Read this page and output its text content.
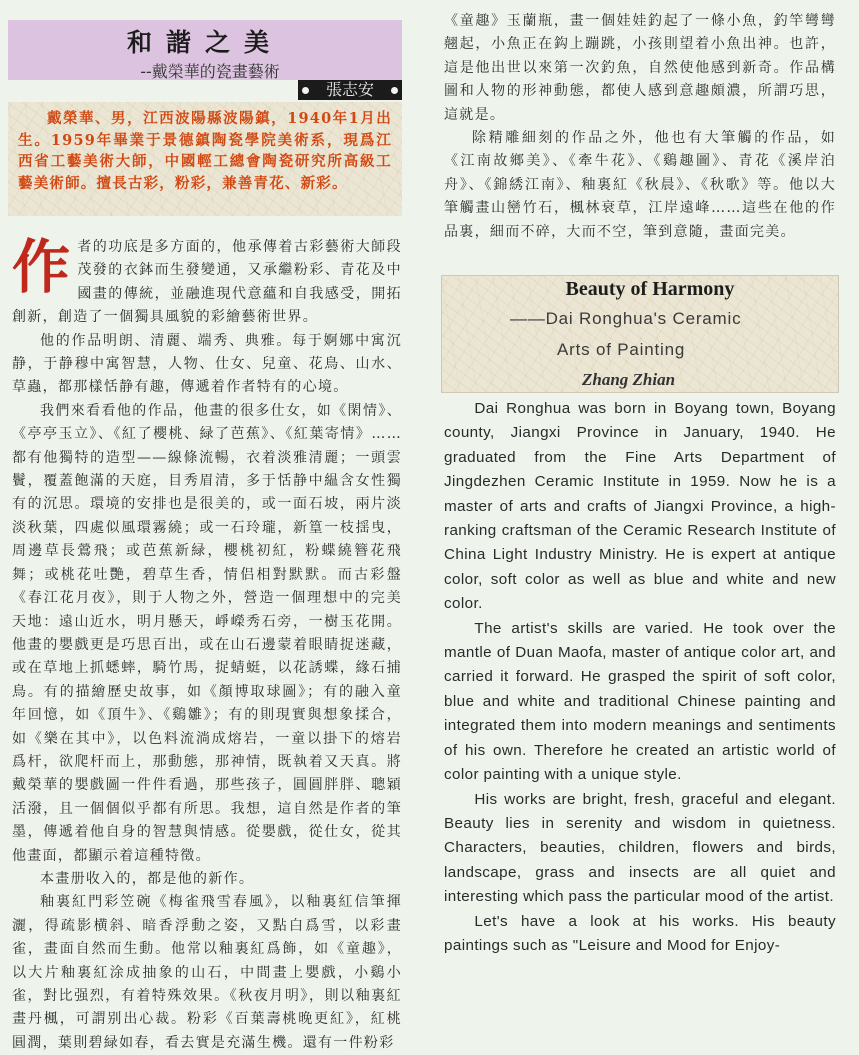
和諧之美
--戴榮華的瓷畫藝術
張志安
戴榮華、男，江西波陽縣波陽鎮，1940年1月出生。1959年畢業于景德鎮陶瓷學院美術系，現爲江西省工藝美術大師，中國輕工總會陶瓷研究所高級工藝美術師。擅長古彩，粉彩，兼善青花、新彩。

作者的功底是多方面的，他承傳着古彩藝術大師段茂發的衣鉢而生發變通，又承繼粉彩、青花及中國畫的傳統，並融進現代意蘊和自我感受，開拓創新，創造了一個獨具風貌的彩繪藝術世界。

他的作品明朗、清麗、端秀、典雅。每于婀娜中寓沉静，于静穆中寓智慧，人物、仕女、兒童、花鳥、山水、草蟲，都那樣恬静有趣，傳遞着作者特有的心境。

我們來看看他的作品，他畫的很多仕女，如《閑情》、《亭亭玉立》、《紅了櫻桃、緑了芭蕉》、《紅葉寄情》……都有他獨特的造型——線條流暢，衣着淡雅清麗；一頭雲鬢，覆蓋飽滿的天庭，目秀眉清，多于恬静中緼含女性獨有的沉思。環境的安排也是很美的，或一面石坡，兩片淡淡秋葉，四處似風環霧繞；或一石玲瓏，新篁一枝揺曳，周邊草長鶯飛；或芭蕉新緑，櫻桃初紅，粉蝶繞簪花飛舞；或桃花吐艷，碧草生香，情侣相對默默。而古彩盤《春江花月夜》，則于人物之外，營造一個理想中的完美天地：遠山近水，明月懸天，崢嶸秀石旁，一樹玉花開。他畫的嬰戲更是巧思百出，或在山石邊蒙着眼睛捉迷藏，或在草地上抓蟋蟀，騎竹馬，捉蜻蜓，以花誘蝶，緣石捕鳥。有的描繪歷史故事，如《顏博取球圖》；有的融入童年回憶，如《頂牛》、《鷄雛》；有的則現實與想象揉合，如《樂在其中》，以色料流淌成熔岩，一童以掛下的熔岩爲杆，欲爬杆而上，那動態，那神情，既執着又天真。將戴榮華的嬰戲圖一件件看過，那些孩子，圓圓胖胖、聰穎活潑，且一個個似乎都有所思。我想，這自然是作者的筆墨，傳遞着他自身的智慧與情感。從嬰戲，從仕女，從其他畫面，都顯示着這種特徵。

本畫册收入的，都是他的新作。

釉裏紅門彩笠碗《梅雀飛雪春風》，以釉裏紅信筆揮灑，得疏影横斜、暗香浮動之姿，又點白爲雪，以彩畫雀，畫面自然而生動。他常以釉裏紅爲飾，如《童趣》，以大片釉裏紅涂成抽象的山石，中間畫上嬰戲，小鷄小雀，對比强烈，有着特殊效果。《秋夜月明》，則以釉裏紅畫丹楓，可謂别出心裁。粉彩《百葉壽桃晚更紅》，紅桃圓潤，葉則碧緑如春，看去實是充滿生機。還有一件粉彩

《童趣》玉蘭瓶，畫一個娃娃釣起了一條小魚，釣竿彎彎翹起，小魚正在鈎上蹦跳，小孩則望着小魚出神。也許，這是他出世以來第一次釣魚，自然使他感到新奇。作品構圖和人物的形神動態，都使人感到意趣頗濃，所謂巧思，這就是。

除精雕細刻的作品之外，他也有大筆觸的作品，如《江南故鄉美》、《牽牛花》、《鷄趣圖》、青花《溪岸泊舟》、《錦綉江南》、釉裏紅《秋晨》、《秋歌》等。他以大筆觸畫山巒竹石，楓林衰草，江岸遠峰……這些在他的作品裏，細而不碎，大而不空，筆到意隨，畫面完美。

Beauty of Harmony
——Dai Ronghua's Ceramic
Arts of Painting
Zhang Zhian

Dai Ronghua was born in Boyang town, Boyang county, Jiangxi Province in January, 1940. He graduated from the Fine Arts Department of Jingdezhen Ceramic Institute in 1959. Now he is a master of arts and crafts of Jiangxi Province, a high-ranking craftsman of the Ceramic Research Institute of China Light Industry Ministry. He is expert at antique color, soft color as well as blue and white and new color.

The artist's skills are varied. He took over the mantle of Duan Maofa, master of antique color art, and carried it forward. He grasped the spirit of soft color, blue and white and traditional Chinese painting and integrated them into modern meanings and sentiments of his own. Therefore he created an artistic world of color painting with a unique style.

His works are bright, fresh, graceful and elegant. Beauty lies in serenity and wisdom in quietness. Characters, beauties, children, flowers and birds, landscape, grass and insects are all quiet and interesting which pass the particular mood of the artist.

Let's have a look at his works. His beauty paintings such as "Leisure and Mood for Enjoy-
